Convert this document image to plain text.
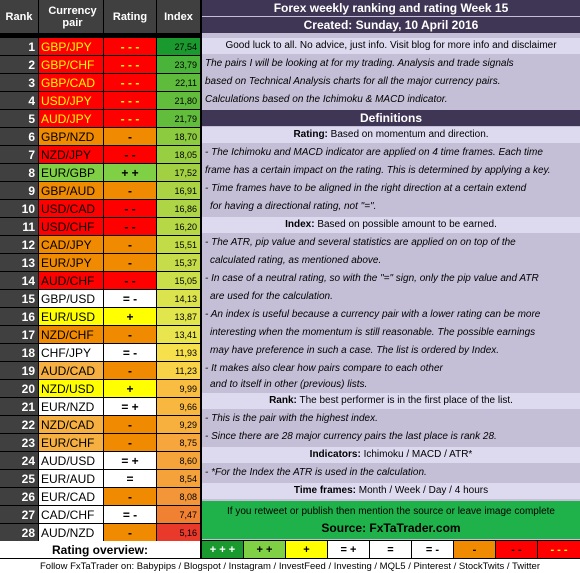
Rank	Currency pair	Rating	Index
1 GBP/JPY	- - -	27,54
2 GBP/CHF	- - -	23,79
3 GBP/CAD	- - -	22,11
4 USD/JPY	- - -	21,80
5 AUD/JPY	- - -	21,79
6 GBP/NZD	-	18,70
7 NZD/JPY	- -	18,05
8 EUR/GBP	+ +	17,52
9 GBP/AUD	-	16,91
10 USD/CAD	- -	16,86
11 USD/CHF	- -	16,20
12 CAD/JPY	-	15,51
13 EUR/JPY	-	15,37
14 AUD/CHF	- -	15,05
15 GBP/USD	= -	14,13
16 EUR/USD	+	13,87
17 NZD/CHF	-	13,41
18 CHF/JPY	= -	11,93
19 AUD/CAD	-	11,23
20 NZD/USD	+	9,99
21 EUR/NZD	= +	9,66
22 NZD/CAD	-	9,29
23 EUR/CHF	-	8,75
24 AUD/USD	= +	8,60
25 EUR/AUD	=	8,54
26 EUR/CAD	-	8,08
27 CAD/CHF	= -	7,47
28 AUD/NZD	-	5,16
Forex weekly ranking and rating Week 15
Created: Sunday, 10 April 2016
Good luck to all. No advice, just info. Visit blog for more info and disclaimer
The pairs I will be looking at for my trading. Analysis and trade signals
based on Technical Analysis charts for all the major currency pairs.
Calculations based on the Ichimoku & MACD indicator.
Definitions
Rating: Based on momentum and direction.
- The Ichimoku and MACD indicator are applied on 4 time frames. Each time
frame has a certain impact on the rating. This is determined by applying a key.
- Time frames have to be aligned in the right direction at a certain extend
for having a directional rating, not "=".
Index: Based on possible amount to be earned.
- The ATR, pip value and several statistics are applied on on top of the
calculated rating, as mentioned above.
- In case of a neutral rating, so with the "=" sign, only the pip value and ATR
are used for the calculation.
- An index is useful because a currency pair with a lower rating can be more
interesting when the momentum is still reasonable. The possible earnings
may have preference in such a case. The list is ordered by Index.
- It makes also clear how pairs compare to each other
and to itself in other (previous) lists.
Rank: The best performer is in the first place of the list.
- This is the pair with the highest index.
- Since there are 28 major currency pairs the last place is rank 28.
Indicators: Ichimoku / MACD / ATR*
- *For the Index the ATR is used in the calculation.
Time frames: Month / Week / Day / 4 hours
If you retweet or publish then mention the source or leave image complete
Source: FxTaTrader.com
Rating overview:	+ + +	+ +	+	= +	=	= -	-	- -	- - -
Follow FxTaTrader on: Babypips / Blogspot / Instagram / InvestFeed / Investing / MQL5 / Pinterest / StockTwits / Twitter
